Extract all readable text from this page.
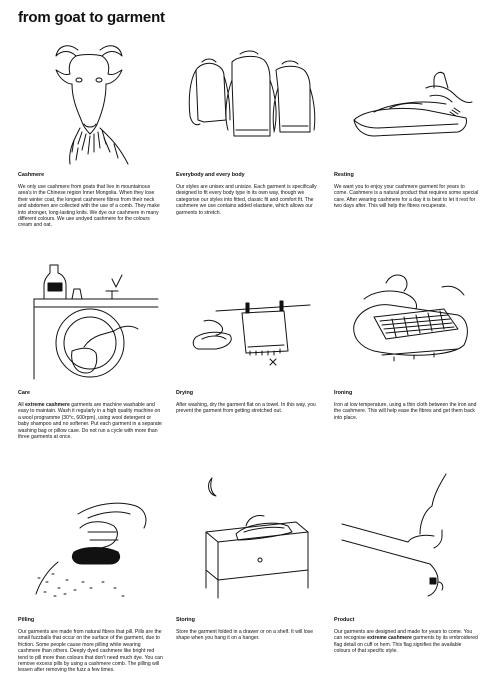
from goat to garment
Cashmere

We only use cashmere from goats that live in mountainous area's in the Chinese region Inner Mongolia. When they lose their winter coat, the longest cashmere fibres from their neck and abdomen are collected with the use of a comb. They make into stronger, long-lasting knits. We dye our cashmere in many different colours. We use undyed cashmere for the colours cream and oat.

Everybody and every body

Our styles are unisex and unisize. Each garment is specifically designed to fit every body type in its own way, though we categorise our styles into fitted, classic fit and comfort fit. The cashmere we use contains added elastane, which allows our garments to stretch.

Resting

We want you to enjoy your cashmere garment for years to come. Cashmere is a natural product that requires some special care. After wearing cashmere for a day it is best to let it rest for two days after. This will help the fibres recuperate.

Care

All extreme cashmere garments are machine washable and easy to maintain. Wash it regularly in a high quality machine on a wool programme (30°c, 600rpm), using wool detergent or baby shampoo and no softener. Put each garment in a separate washing bag or pillow case. Do not run a cycle with more than three garments at once.

Drying

After washing, dry the garment flat on a towel. In this way, you prevent the garment from getting stretched out.

Ironing

Iron at low temperature, using a thin cloth between the iron and the cashmere. This will help ease the fibres and get them back into place.

Pilling

Our garments are made from natural fibres that pill. Pills are the small fuzzballs that occur on the surface of the garment, due to friction. Some people cause more pilling while wearing cashmere than others. Deeply dyed cashmere like bright red tend to pill more than colours that don't need much dye. You can remove excess pills by using a cashmere comb. The pilling will lessen after removing the fuzz a few times.

Storing

Store the garment folded in a drawer or on a shelf. It will lose shape when you hang it on a hanger.

Product

Our garments are designed and made for years to come. You can recognise extreme cashmere garments by its embroidered flag detail on cuff or hem. This flag signifies the available colours of that specific style.
